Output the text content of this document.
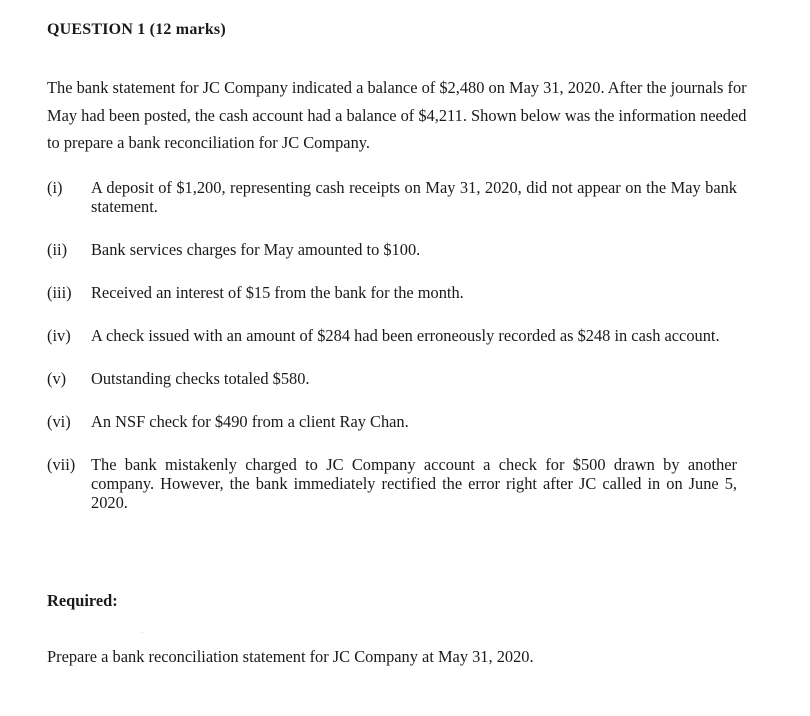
QUESTION 1 (12 marks)

The bank statement for JC Company indicated a balance of $2,480 on May 31, 2020. After the journals for May had been posted, the cash account had a balance of $4,211. Shown below was the information needed to prepare a bank reconciliation for JC Company.

(i) A deposit of $1,200, representing cash receipts on May 31, 2020, did not appear on the May bank statement.
(ii) Bank services charges for May amounted to $100.
(iii) Received an interest of $15 from the bank for the month.
(iv) A check issued with an amount of $284 had been erroneously recorded as $248 in cash account.
(v) Outstanding checks totaled $580.
(vi) An NSF check for $490 from a client Ray Chan.
(vii) The bank mistakenly charged to JC Company account a check for $500 drawn by another company. However, the bank immediately rectified the error right after JC called in on June 5, 2020.

Required:

Prepare a bank reconciliation statement for JC Company at May 31, 2020.
